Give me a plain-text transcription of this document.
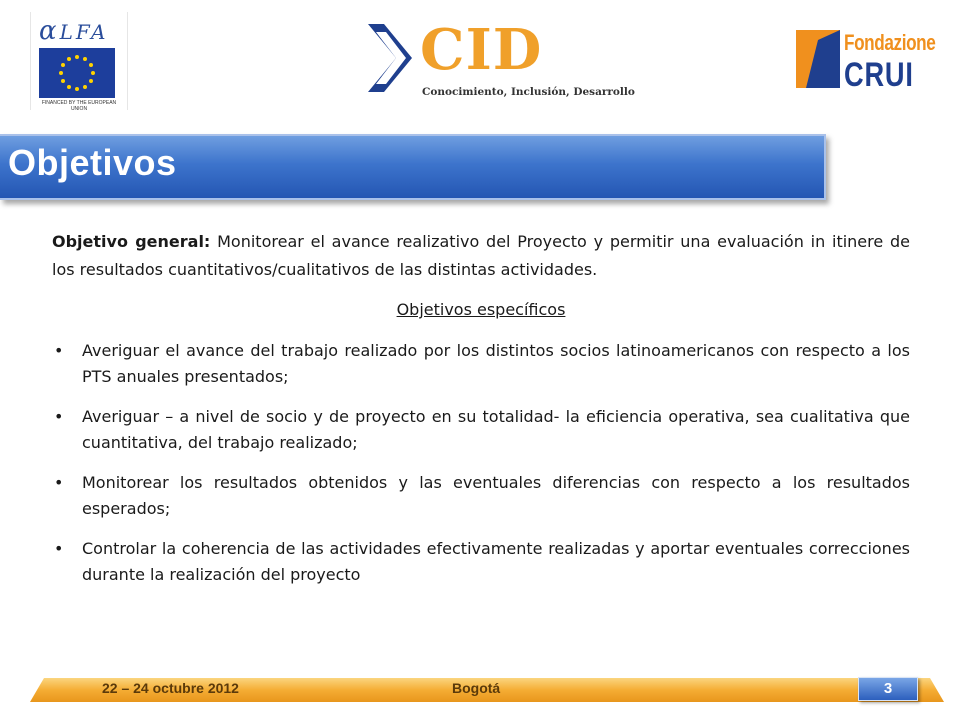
αLFA
FINANCED BY THE EUROPEAN UNION
CID
Conocimiento, Inclusión, Desarrollo
Fondazione
CRUI
Objetivos

Objetivo general: Monitorear el avance realizativo del Proyecto y permitir una evaluación in itinere de los resultados cuantitativos/cualitativos de las distintas actividades.

Objetivos específicos
• Averiguar el avance del trabajo realizado por los distintos socios latinoamericanos con respecto a los PTS anuales presentados;
• Averiguar – a nivel de socio y de proyecto en su totalidad- la eficiencia operativa, sea cualitativa que cuantitativa, del trabajo realizado;
• Monitorear los resultados obtenidos y las eventuales diferencias con respecto a los resultados esperados;
• Controlar la coherencia de las actividades efectivamente realizadas y aportar eventuales correcciones durante la realización del proyecto
22 – 24 octubre 2012	Bogotá	3
